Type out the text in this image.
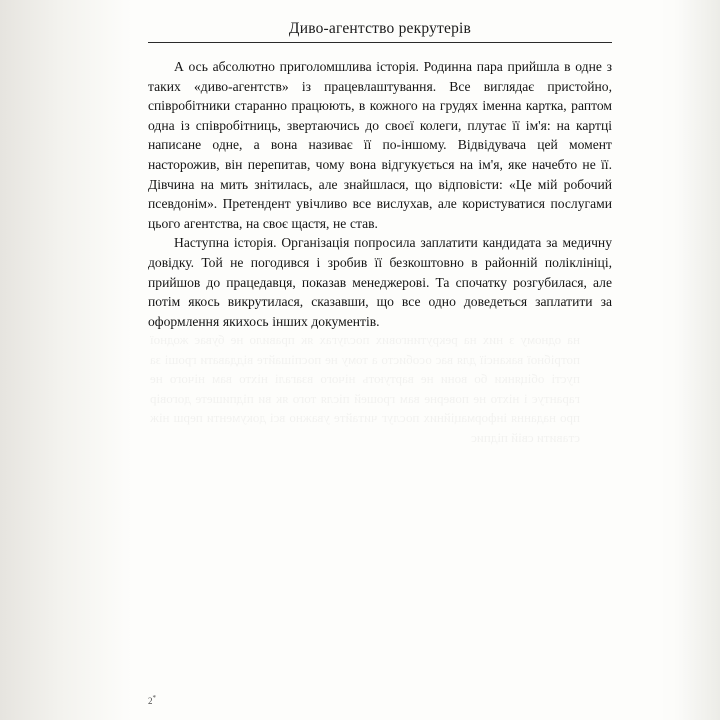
на одному з них на рекрутингових послугах як правило не буває жодної потрібної вакансії для вас особисто а тому не поспішайте віддавати гроші за пусті обіцянки бо вони не вартують нічого взагалі ніхто вам нічого не гарантує і ніхто не поверне вам грошей після того як ви підпишете договір про надання інформаційних послуг читайте уважно всі документи перш ніж ставити свій підпис
Диво-агентство рекрутерів

А ось абсолютно приголомшлива історія. Родинна пара прийшла в одне з таких «диво-агентств» із працевлаштування. Все виглядає пристойно, співробітники старанно працюють, в кожного на грудях іменна картка, раптом одна із співробітниць, звертаючись до своєї колеги, плутає її ім'я: на картці написане одне, а вона називає її по-іншому. Відвідувача цей момент насторожив, він перепитав, чому вона відгукується на ім'я, яке начебто не її. Дівчина на мить знітилась, але знайшлася, що відповісти: «Це мій робочий псевдонім». Претендент увічливо все вислухав, але користуватися послугами цього агентства, на своє щастя, не став.

Наступна історія. Організація попросила заплатити кандидата за медичну довідку. Той не погодився і зробив її безкоштовно в районній поліклініці, прийшов до працедавця, показав менеджерові. Та спочатку розгубилася, але потім якось викрутилася, сказавши, що все одно доведеться заплатити за оформлення якихось інших документів.

2*
